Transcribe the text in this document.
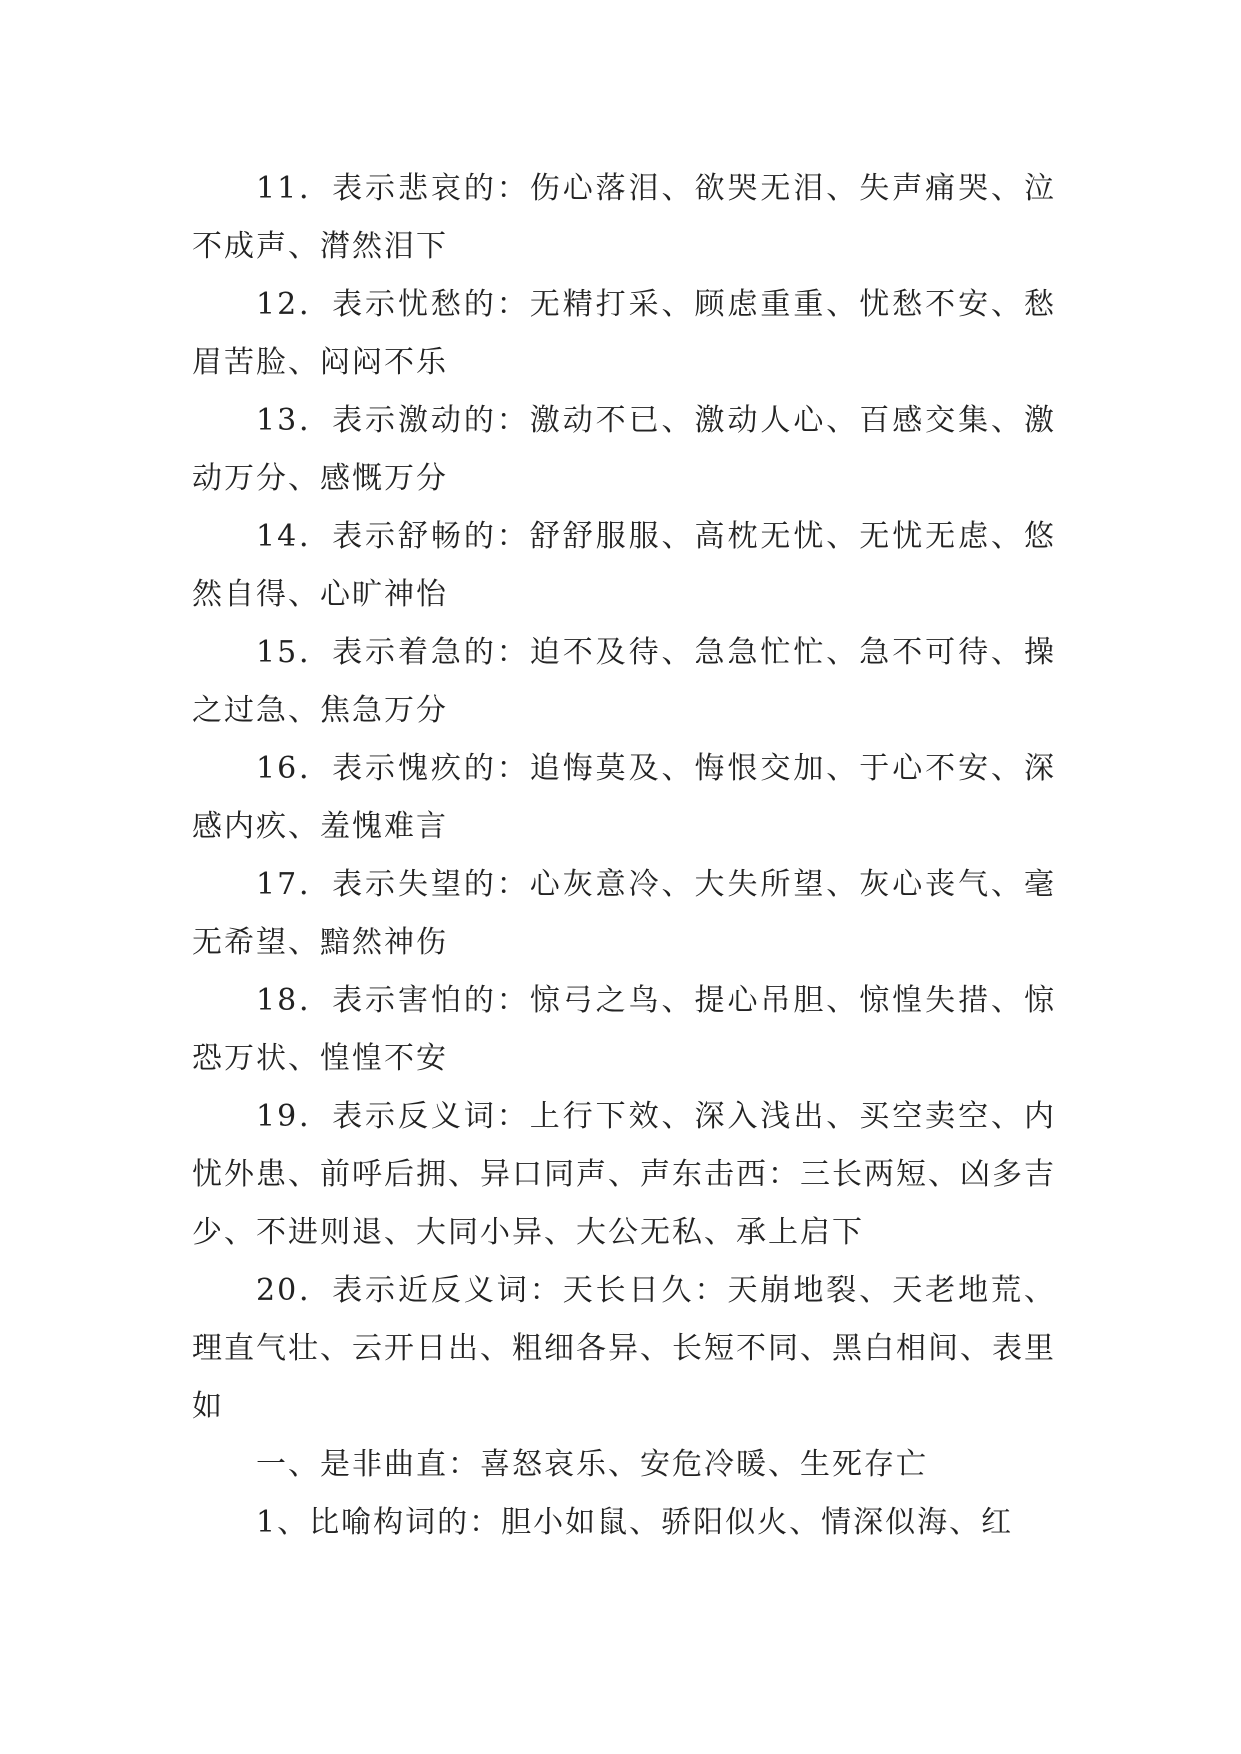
11．表示悲哀的：伤心落泪、欲哭无泪、失声痛哭、泣不成声、潸然泪下

12．表示忧愁的：无精打采、顾虑重重、忧愁不安、愁眉苦脸、闷闷不乐

13．表示激动的：激动不已、激动人心、百感交集、激动万分、感慨万分

14．表示舒畅的：舒舒服服、高枕无忧、无忧无虑、悠然自得、心旷神怡

15．表示着急的：迫不及待、急急忙忙、急不可待、操之过急、焦急万分

16．表示愧疚的：追悔莫及、悔恨交加、于心不安、深感内疚、羞愧难言

17．表示失望的：心灰意冷、大失所望、灰心丧气、毫无希望、黯然神伤

18．表示害怕的：惊弓之鸟、提心吊胆、惊惶失措、惊恐万状、惶惶不安

19．表示反义词：上行下效、深入浅出、买空卖空、内忧外患、前呼后拥、异口同声、声东击西：三长两短、凶多吉少、不进则退、大同小异、大公无私、承上启下

20．表示近反义词：天长日久：天崩地裂、天老地荒、理直气壮、云开日出、粗细各异、长短不同、黑白相间、表里如

一、是非曲直：喜怒哀乐、安危冷暖、生死存亡

1、比喻构词的：胆小如鼠、骄阳似火、情深似海、红
